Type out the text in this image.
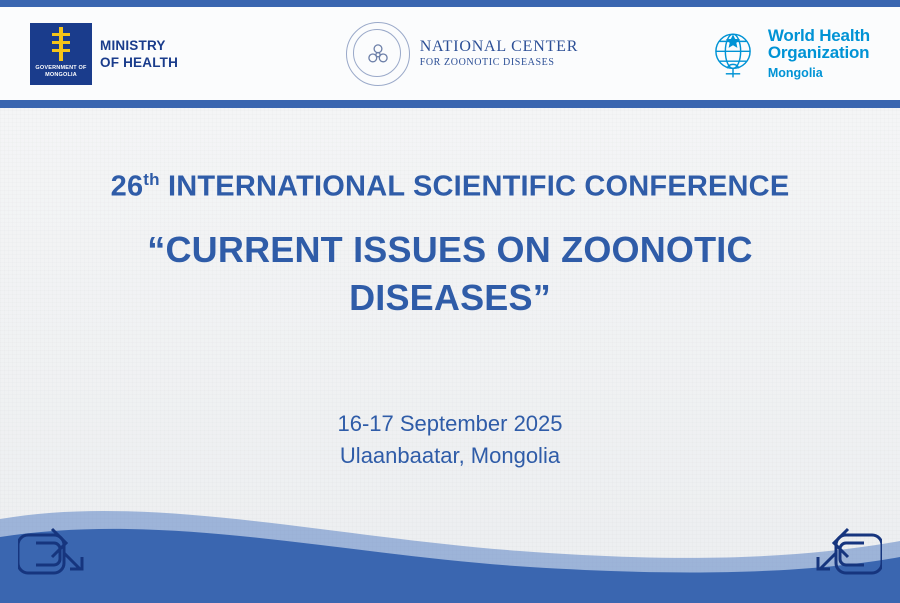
GOVERNMENT OF
MONGOLIA
MINISTRY
OF HEALTH
NATIONAL CENTER
FOR ZOONOTIC DISEASES
World Health
Organization
Mongolia
26th INTERNATIONAL SCIENTIFIC CONFERENCE
“CURRENT ISSUES ON ZOONOTIC
DISEASES”
16-17 September 2025
Ulaanbaatar, Mongolia
